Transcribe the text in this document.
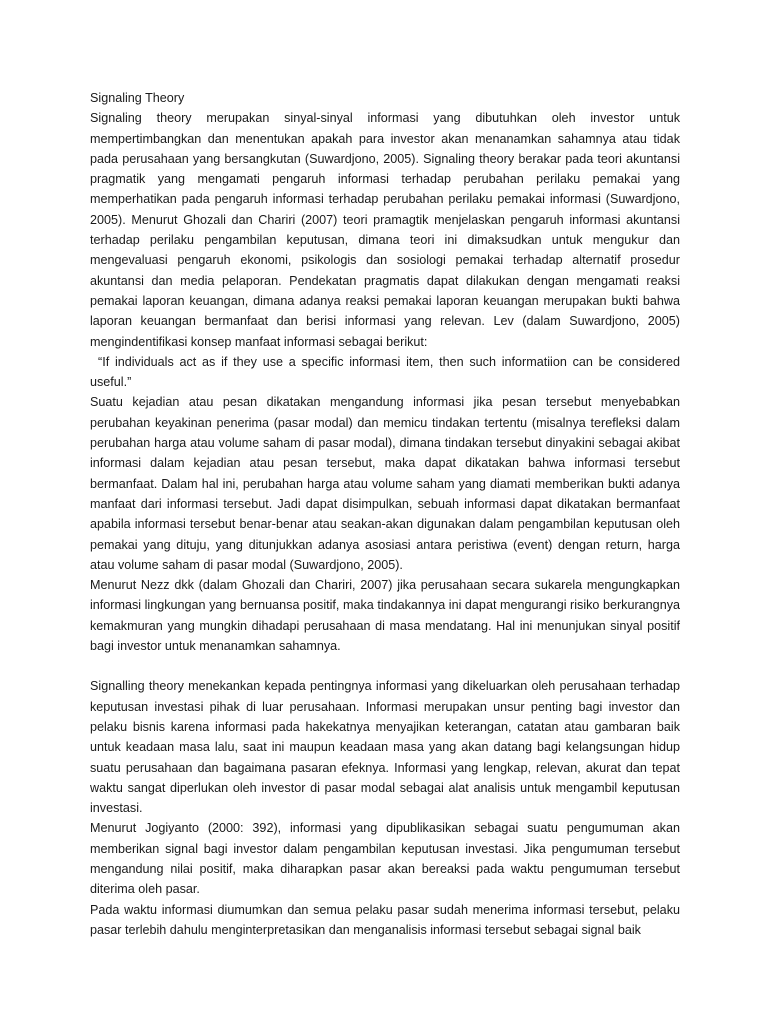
Signaling Theory

Signaling theory merupakan sinyal-sinyal informasi yang dibutuhkan oleh investor untuk mempertimbangkan dan menentukan apakah para investor akan menanamkan sahamnya atau tidak pada perusahaan yang bersangkutan (Suwardjono, 2005). Signaling theory berakar pada teori akuntansi pragmatik yang mengamati pengaruh informasi terhadap perubahan perilaku pemakai yang memperhatikan pada pengaruh informasi terhadap perubahan perilaku pemakai informasi (Suwardjono, 2005). Menurut Ghozali dan Chariri (2007) teori pramagtik menjelaskan pengaruh informasi akuntansi terhadap perilaku pengambilan keputusan, dimana teori ini dimaksudkan untuk mengukur dan mengevaluasi pengaruh ekonomi, psikologis dan sosiologi pemakai terhadap alternatif prosedur akuntansi dan media pelaporan. Pendekatan pragmatis dapat dilakukan dengan mengamati reaksi pemakai laporan keuangan, dimana adanya reaksi pemakai laporan keuangan merupakan bukti bahwa laporan keuangan bermanfaat dan berisi informasi yang relevan. Lev (dalam Suwardjono, 2005) mengindentifikasi konsep manfaat informasi sebagai berikut:

“If individuals act as if they use a specific informasi item, then such informatiion can be considered useful.”

Suatu kejadian atau pesan dikatakan mengandung informasi jika pesan tersebut menyebabkan perubahan keyakinan penerima (pasar modal) dan memicu tindakan tertentu (misalnya terefleksi dalam perubahan harga atau volume saham di pasar modal), dimana tindakan tersebut dinyakini sebagai akibat informasi dalam kejadian atau pesan tersebut, maka dapat dikatakan bahwa informasi tersebut bermanfaat. Dalam hal ini, perubahan harga atau volume saham yang diamati memberikan bukti adanya manfaat dari informasi tersebut. Jadi dapat disimpulkan, sebuah informasi dapat dikatakan bermanfaat apabila informasi tersebut benar-benar atau seakan-akan digunakan dalam pengambilan keputusan oleh pemakai yang dituju, yang ditunjukkan adanya asosiasi antara peristiwa (event) dengan return, harga atau volume saham di pasar modal (Suwardjono, 2005).

Menurut Nezz dkk (dalam Ghozali dan Chariri, 2007) jika perusahaan secara sukarela mengungkapkan informasi lingkungan yang bernuansa positif, maka tindakannya ini dapat mengurangi risiko berkurangnya kemakmuran yang mungkin dihadapi perusahaan di masa mendatang. Hal ini menunjukan sinyal positif bagi investor untuk menanamkan sahamnya.

Signalling theory menekankan kepada pentingnya informasi yang dikeluarkan oleh perusahaan terhadap keputusan investasi pihak di luar perusahaan. Informasi merupakan unsur penting bagi investor dan pelaku bisnis karena informasi pada hakekatnya menyajikan keterangan, catatan atau gambaran baik untuk keadaan masa lalu, saat ini maupun keadaan masa yang akan datang bagi kelangsungan hidup suatu perusahaan dan bagaimana pasaran efeknya. Informasi yang lengkap, relevan, akurat dan tepat waktu sangat diperlukan oleh investor di pasar modal sebagai alat analisis untuk mengambil keputusan investasi.

Menurut Jogiyanto (2000: 392), informasi yang dipublikasikan sebagai suatu pengumuman akan memberikan signal bagi investor dalam pengambilan keputusan investasi. Jika pengumuman tersebut mengandung nilai positif, maka diharapkan pasar akan bereaksi pada waktu pengumuman tersebut diterima oleh pasar.

Pada waktu informasi diumumkan dan semua pelaku pasar sudah menerima informasi tersebut, pelaku pasar terlebih dahulu menginterpretasikan dan menganalisis informasi tersebut sebagai signal baik
